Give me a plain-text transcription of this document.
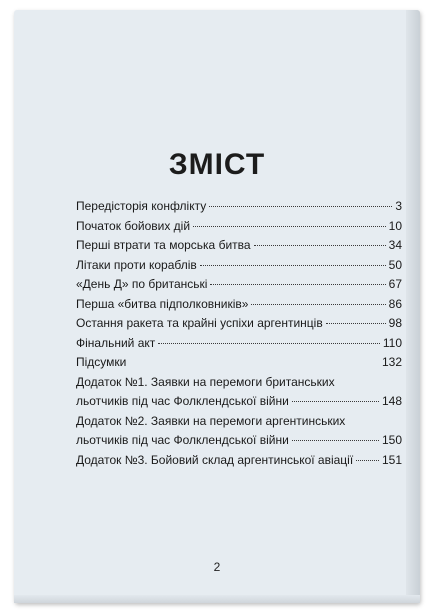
ЗМІСТ
Передісторія конфлікту	3
Початок бойових дій	10
Перші втрати та морська битва	34
Літаки проти кораблів	50
«День Д» по британські	67
Перша «битва підполковників»	86
Остання ракета та крайні успіхи аргентинців	98
Фінальний акт	110
Підсумки	132
Додаток №1. Заявки на перемоги британських
льотчиків під час Фолклендської війни	148
Додаток №2. Заявки на перемоги аргентинських
льотчиків під час Фолклендської війни	150
Додаток №3. Бойовий склад аргентинської авіації 151
2
